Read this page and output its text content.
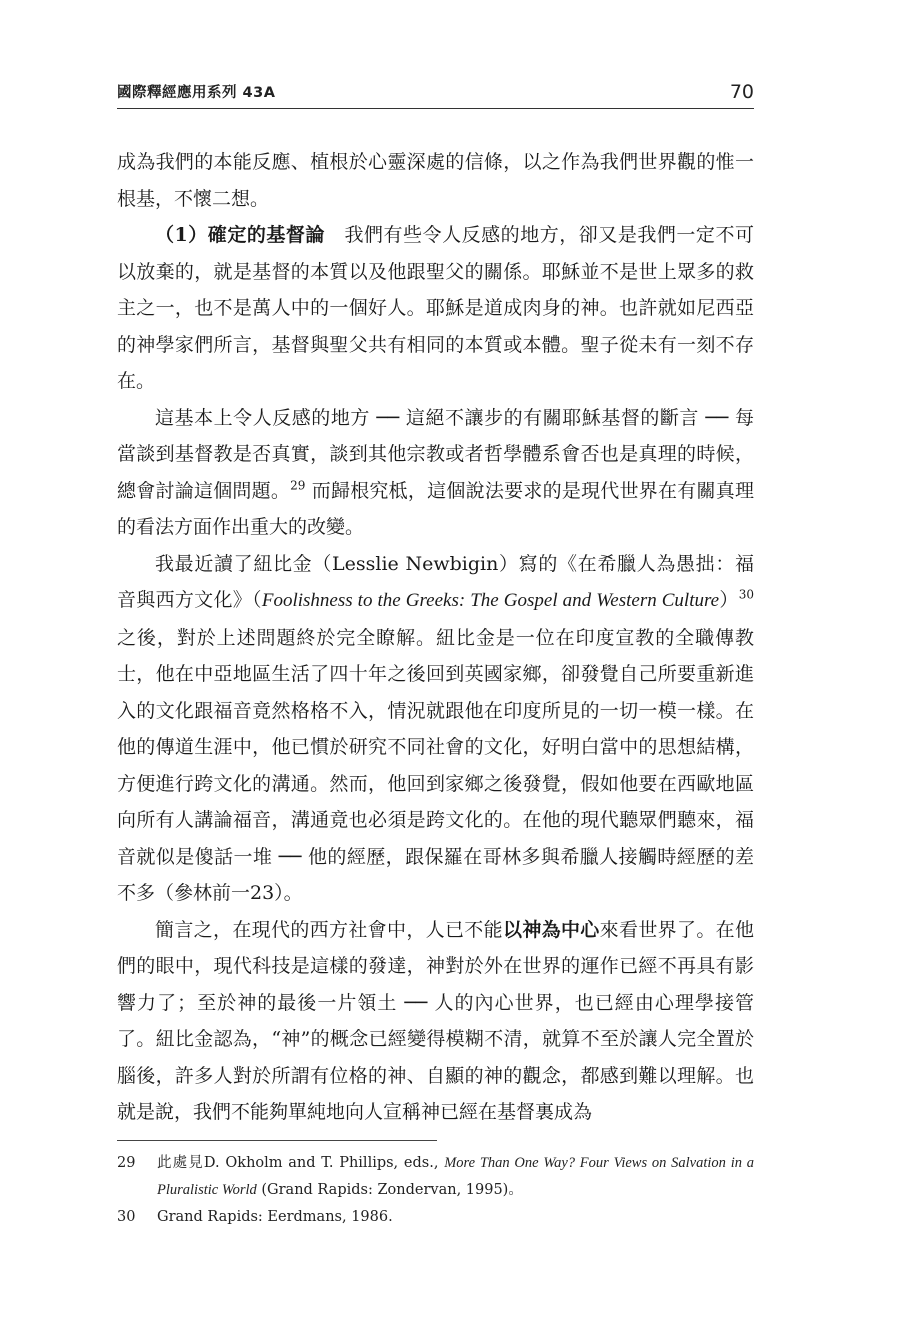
國際釋經應用系列 43A	70

成為我們的本能反應、植根於心靈深處的信條，以之作為我們世界觀的惟一根基，不懷二想。

（1）確定的基督論　我們有些令人反感的地方，卻又是我們一定不可以放棄的，就是基督的本質以及他跟聖父的關係。耶穌並不是世上眾多的救主之一，也不是萬人中的一個好人。耶穌是道成肉身的神。也許就如尼西亞的神學家們所言，基督與聖父共有相同的本質或本體。聖子從未有一刻不存在。

這基本上令人反感的地方 ── 這絕不讓步的有關耶穌基督的斷言 ── 每當談到基督教是否真實，談到其他宗教或者哲學體系會否也是真理的時候，總會討論這個問題。$^{29}$ 而歸根究柢，這個說法要求的是現代世界在有關真理的看法方面作出重大的改變。

我最近讀了紐比金（Lesslie Newbigin）寫的《在希臘人為愚拙：福音與西方文化》（Foolishness to the Greeks: The Gospel and Western Culture）$^{30}$之後，對於上述問題終於完全瞭解。紐比金是一位在印度宣教的全職傳教士，他在中亞地區生活了四十年之後回到英國家鄉，卻發覺自己所要重新進入的文化跟福音竟然格格不入，情況就跟他在印度所見的一切一模一樣。在他的傳道生涯中，他已慣於研究不同社會的文化，好明白當中的思想結構，方便進行跨文化的溝通。然而，他回到家鄉之後發覺，假如他要在西歐地區向所有人講論福音，溝通竟也必須是跨文化的。在他的現代聽眾們聽來，福音就似是傻話一堆 ── 他的經歷，跟保羅在哥林多與希臘人接觸時經歷的差不多（參林前一23）。

簡言之，在現代的西方社會中，人已不能以神為中心來看世界了。在他們的眼中，現代科技是這樣的發達，神對於外在世界的運作已經不再具有影響力了；至於神的最後一片領土 ── 人的內心世界，也已經由心理學接管了。紐比金認為，“神”的概念已經變得模糊不清，就算不至於讓人完全置於腦後，許多人對於所謂有位格的神、自顯的神的觀念，都感到難以理解。也就是說，我們不能夠單純地向人宣稱神已經在基督裏成為

29 此處見D. Okholm and T. Phillips, eds., More Than One Way? Four Views on Salvation in a Pluralistic World (Grand Rapids: Zondervan, 1995)。
30 Grand Rapids: Eerdmans, 1986.
